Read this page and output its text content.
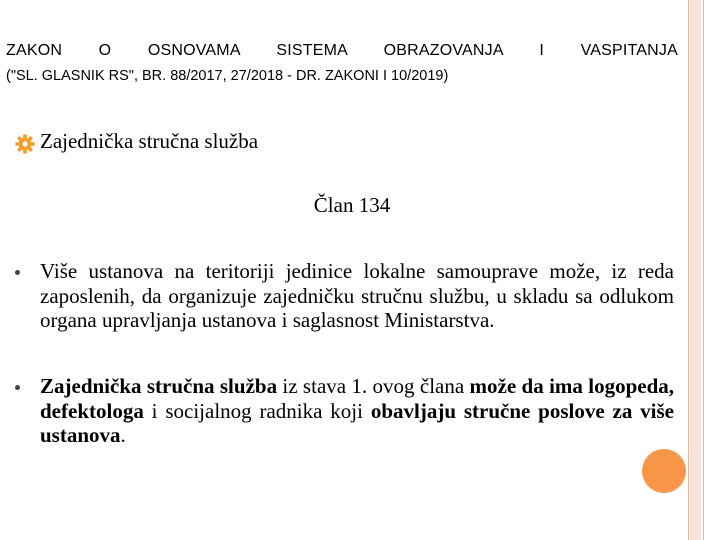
ZAKON O OSNOVAMA SISTEMA OBRAZOVANJA I VASPITANJA
("SL. GLASNIK RS", BR. 88/2017, 27/2018 - DR. ZAKONI I 10/2019)
Zajednička stručna služba
Član 134
Više ustanova na teritoriji jedinice lokalne samouprave može, iz reda zaposlenih, da organizuje zajedničku stručnu službu, u skladu sa odlukom organa upravljanja ustanova i saglasnost Ministarstva.
Zajednička stručna služba iz stava 1. ovog člana može da ima logopeda, defektologa i socijalnog radnika koji obavljaju stručne poslove za više ustanova.
